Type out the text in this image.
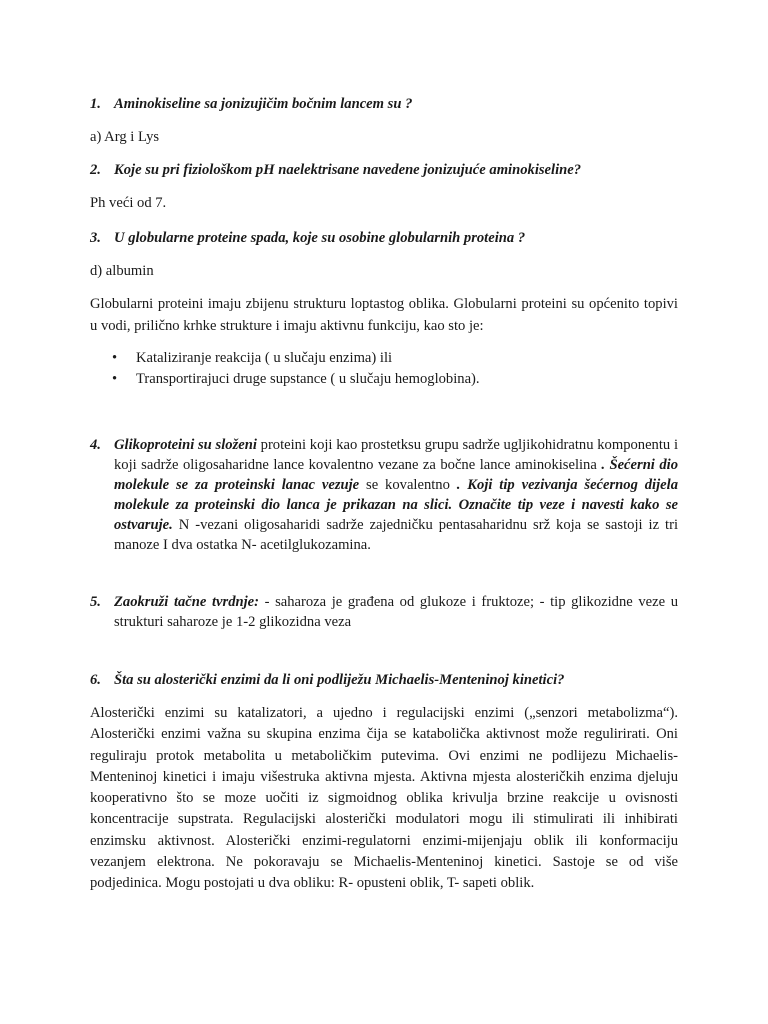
1. Aminokiseline sa jonizujičim bočnim lancem su ?

a) Arg i Lys

2. Koje su pri fiziološkom pH naelektrisane navedene jonizujuće aminokiseline?

Ph veći od 7.

3. U globularne proteine spada, koje su osobine globularnih proteina ?

d) albumin

Globularni proteini imaju zbijenu strukturu loptastog oblika. Globularni proteini su općenito topivi u vodi, prilično krhke strukture i imaju aktivnu funkciju, kao sto je:

• Kataliziranje reakcija ( u slučaju enzima) ili
• Transportirajuci druge supstance ( u slučaju hemoglobina).
4. Glikoproteini su složeni proteini koji kao prostetksu grupu sadrže ugljikohidratnu komponentu i koji sadrže oligosaharidne lance kovalentno vezane za bočne lance aminokiselina . Šećerni dio molekule se za proteinski lanac vezuje se kovalentno . Koji tip vezivanja šećernog dijela molekule za proteinski dio lanca je prikazan na slici. Označite tip veze i navesti kako se ostvaruje. N -vezani oligosaharidi sadrže zajedničku pentasaharidnu srž koja se sastoji iz tri manoze I dva ostatka N- acetilglukozamina.
5. Zaokruži tačne tvrdnje: - saharoza je građena od glukoze i fruktoze; - tip glikozidne veze u strukturi saharoze je 1-2 glikozidna veza

6. Šta su alosterički enzimi da li oni podliježu Michaelis-Menteninoj kinetici?

Alosterički enzimi su katalizatori, a ujedno i regulacijski enzimi („senzori metabolizma“). Alosterički enzimi važna su skupina enzima čija se katabolička aktivnost može regulirirati. Oni reguliraju protok metabolita u metaboličkim putevima. Ovi enzimi ne podlijezu Michaelis-Menteninoj kinetici i imaju višestruka aktivna mjesta. Aktivna mjesta alosteričkih enzima djeluju kooperativno što se moze uočiti iz sigmoidnog oblika krivulja brzine reakcije u ovisnosti koncentracije supstrata. Regulacijski alosterički modulatori mogu ili stimulirati ili inhibirati enzimsku aktivnost. Alosterički enzimi-regulatorni enzimi-mijenjaju oblik ili konformaciju vezanjem elektrona. Ne pokoravaju se Michaelis-Menteninoj kinetici. Sastoje se od više podjedinica. Mogu postojati u dva obliku: R- opusteni oblik, T- sapeti oblik.
